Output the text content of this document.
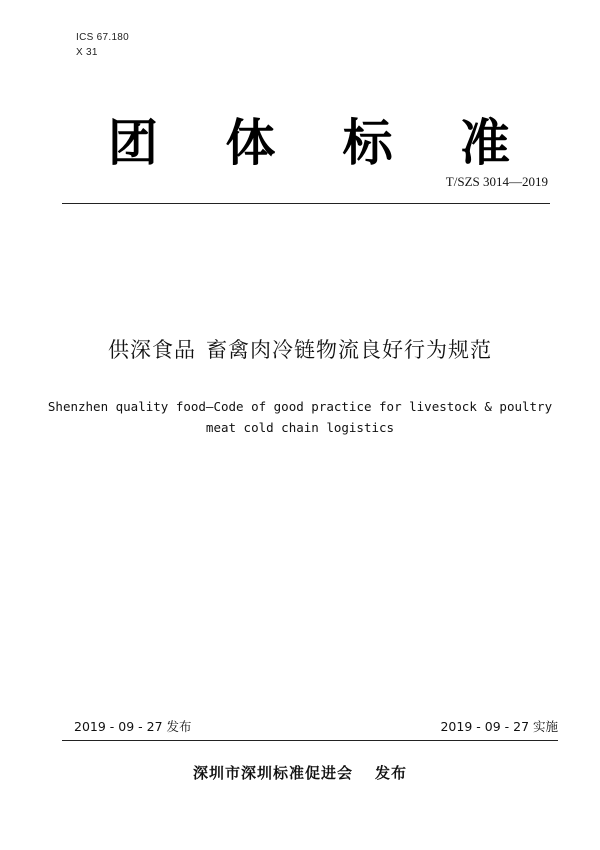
ICS 67.180
X 31
团 体 标 准
T/SZS 3014—2019
供深食品 畜禽肉冷链物流良好行为规范
Shenzhen quality food—Code of good practice for livestock & poultry
meat cold chain logistics
2019 - 09 - 27 发布	2019 - 09 - 27 实施
深圳市深圳标准促进会 发布
